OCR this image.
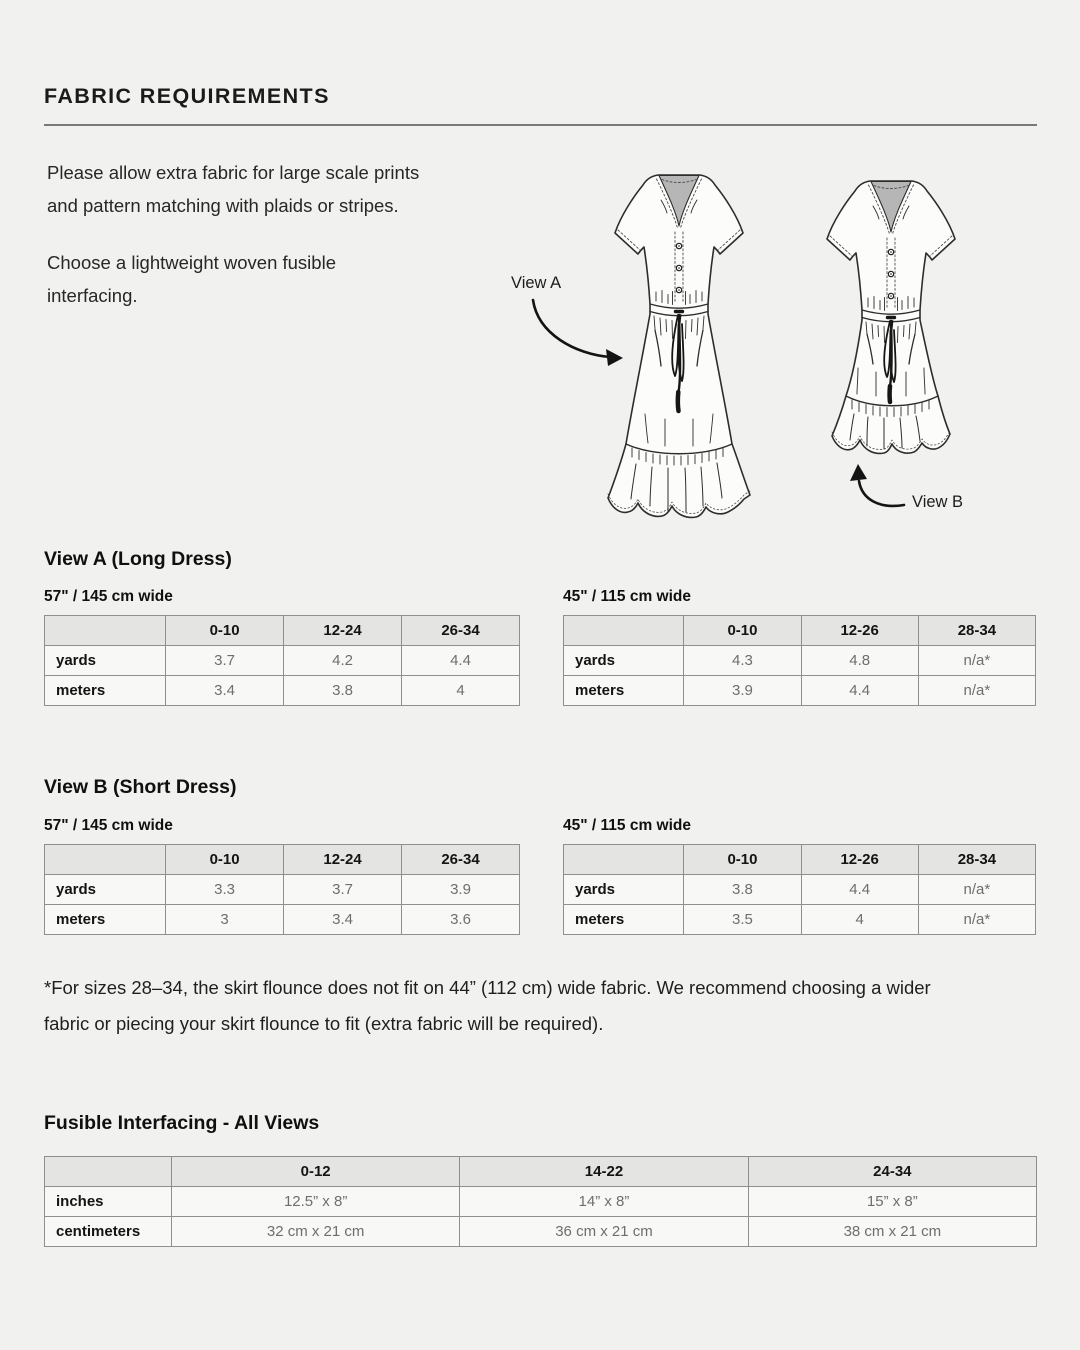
FABRIC REQUIREMENTS

Please allow extra fabric for large scale prints
and pattern matching with plaids or stripes.

Choose a lightweight woven fusible
interfacing.

View A
View B
View A (Long Dress)

57" / 145 cm wide

	0-10	12-24	26-34
yards	3.7	4.2	4.4
meters	3.4	3.8	4

45" / 115 cm wide

	0-10	12-26	28-34
yards	4.3	4.8	n/a*
meters	3.9	4.4	n/a*
View B (Short Dress)

57" / 145 cm wide

	0-10	12-24	26-34
yards	3.3	3.7	3.9
meters	3	3.4	3.6

45" / 115 cm wide

	0-10	12-26	28-34
yards	3.8	4.4	n/a*
meters	3.5	4	n/a*

*For sizes 28–34, the skirt flounce does not fit on 44” (112 cm) wide fabric. We recommend choosing a wider
fabric or piecing your skirt flounce to fit (extra fabric will be required).

Fusible Interfacing - All Views
	0-12	14-22	24-34
inches	12.5” x 8”	14” x 8”	15” x 8”
centimeters	32 cm x 21 cm	36 cm x 21 cm	38 cm x 21 cm
